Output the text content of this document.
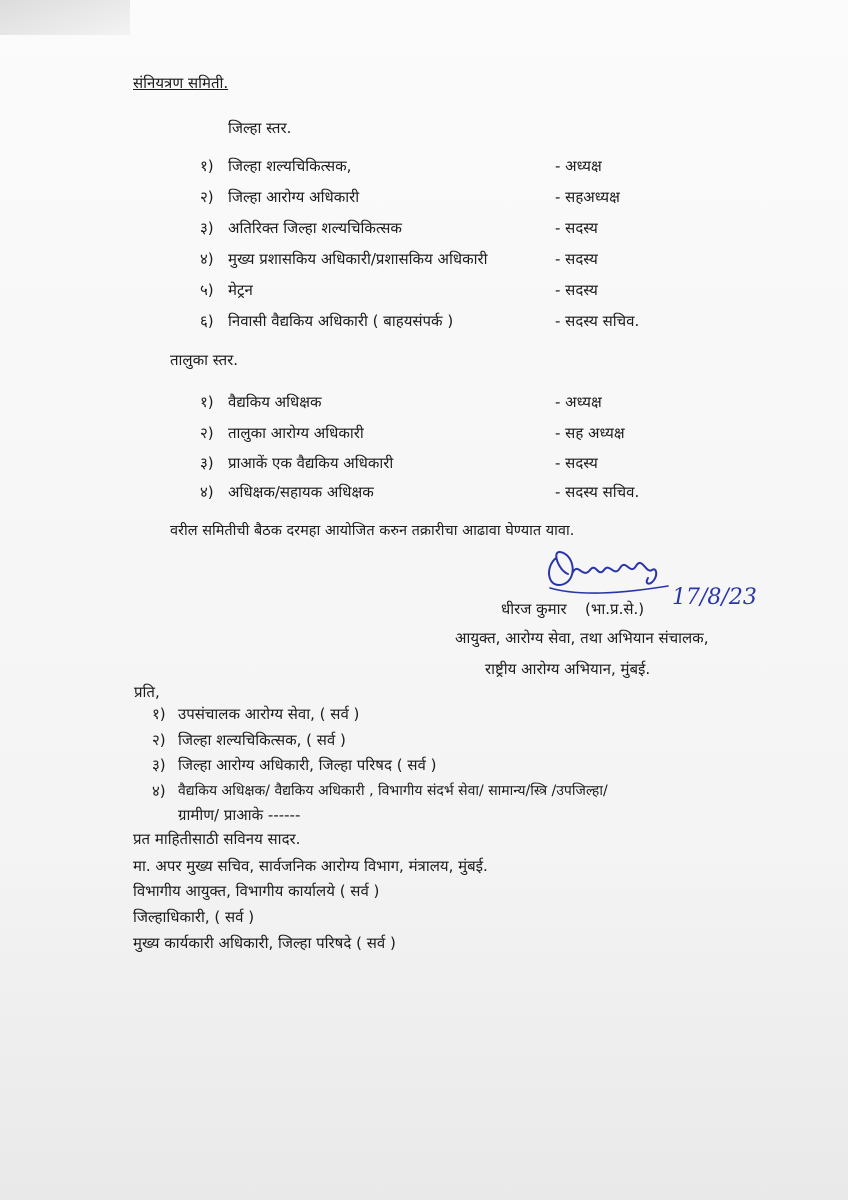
संनियत्रण समिती.
जिल्हा स्तर.
१) जिल्हा शल्यचिकित्सक,	- अध्यक्ष
२) जिल्हा आरोग्य अधिकारी	- सहअध्यक्ष
३) अतिरिक्त जिल्हा शल्यचिकित्सक	- सदस्य
४) मुख्य प्रशासकिय अधिकारी/प्रशासकिय अधिकारी	- सदस्य
५) मेट्रन	- सदस्य
६) निवासी वैद्यकिय अधिकारी ( बाहयसंपर्क )	- सदस्य सचिव.
तालुका स्तर.
१) वैद्यकिय अधिक्षक	- अध्यक्ष
२) तालुका आरोग्य अधिकारी	- सह अध्यक्ष
३) प्राआकें एक वैद्यकिय अधिकारी	- सदस्य
४) अधिक्षक/सहायक अधिक्षक	- सदस्य सचिव.
वरील समितीची बैठक दरमहा आयोजित करुन तक्रारीचा आढावा घेण्यात यावा.
धीरज कुमार (भा.प्र.से.) 17/8/23
आयुक्त, आरोग्य सेवा, तथा अभियान संचालक,
राष्ट्रीय आरोग्य अभियान, मुंबई.
प्रति,
१) उपसंचालक आरोग्य सेवा, ( सर्व )
२) जिल्हा शल्यचिकित्सक, ( सर्व )
३) जिल्हा आरोग्य अधिकारी, जिल्हा परिषद ( सर्व )
४) वैद्यकिय अधिक्षक/ वैद्यकिय अधिकारी , विभागीय संदर्भ सेवा/ सामान्य/स्त्रि /उपजिल्हा/
ग्रामीण/ प्राआके ------
प्रत माहितीसाठी सविनय सादर.
मा. अपर मुख्य सचिव, सार्वजनिक आरोग्य विभाग, मंत्रालय, मुंबई.
विभागीय आयुक्त, विभागीय कार्यालये ( सर्व )
जिल्हाधिकारी, ( सर्व )
मुख्य कार्यकारी अधिकारी, जिल्हा परिषदे ( सर्व )
